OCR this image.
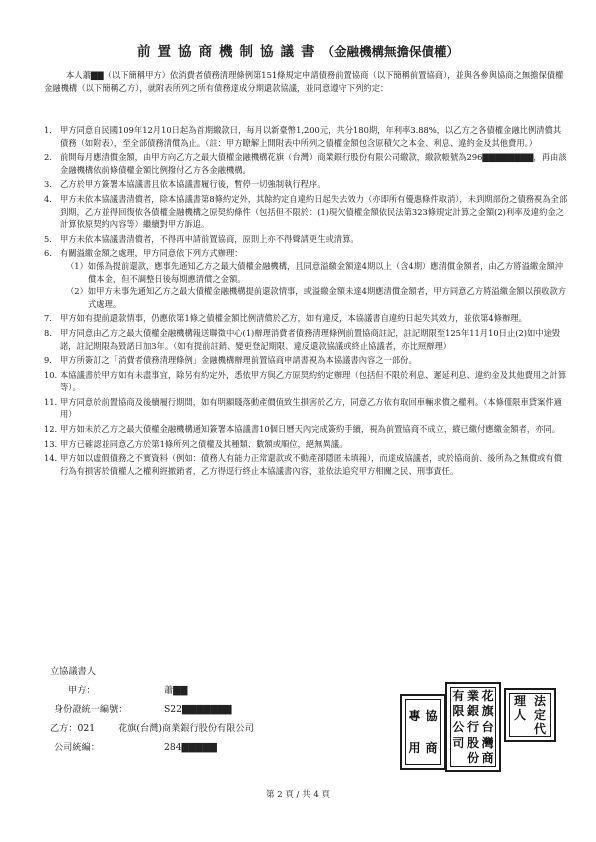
前置協商機制協議書（金融機構無擔保債權）
本人蕭▇▇（以下簡稱甲方）依消費者債務清理條例第151條規定申請債務前置協商（以下簡稱前置協商），並與各參與協商之無擔保債權金融機構（以下簡稱乙方），就附表所列之所有債務達成分期還款協議，並同意遵守下列約定：
1. 甲方同意自民國109年12月10日起為首期繳款日，每月以新臺幣1,200元，共分180期，年利率3.88%，以乙方之各債權金融比例清償其債務（如附表），至全部債務清償為止。（註：甲方瞭解上開附表中所列之債權金額包含原積欠之本金、利息、違約金及其他費用。）
2. 前開每月應清償金額，由甲方向乙方之最大債權金融機構花旗（台灣）商業銀行股份有限公司繳款，繳款帳號為296▇▇▇▇▇▇▇▇，再由該金融機構依前條債權金額比例撥付乙方各金融機構。
3. 乙方於甲方簽署本協議書且依本協議書履行後，暫停一切強制執行程序。
4. 甲方未依本協議書清償者，除本協議書第8條約定外，其餘約定自違約日起失去效力（亦即所有優惠條件取消），未到期部份之債務視為全部到期，乙方並得回復依各債權金融機構之原契約條件（包括但不限於：(1)現欠債權金額依民法第323條規定計算之金額(2)利率及違約金之計算依原契約內容等）繼續對甲方訴追。
5. 甲方未依本協議書清償者，不得再申請前置協商，原則上亦不得聲請更生或清算。
6. 有關溢繳金額之處理，甲方同意依下列方式辦理：
（1）如係為提前還款，應事先通知乙方之最大債權金融機構，且同意溢繳金額達4期以上（含4期）應清償金額者，由乙方將溢繳金額沖償本金，但不調整日後每期應清償之金額。
（2）如甲方未事先通知乙方之最大債權金融機構提前還款情事，或溢繳金額未達4期應清償金額者，甲方同意乙方將溢繳金額以預收款方式處理。
7. 甲方如有提前還款情事，仍應依第1條之債權金額比例清償於乙方，如有違反，本協議書自違約日起失其效力，並依第4條辦理。
8. 甲方同意由乙方之最大債權金融機構報送聯徵中心(1)辦理消費者債務清理條例前置協商註記，註記期限至125年11月10日止(2)如中途毀諾，註記期限為毀諾日加3年。（如有提前註銷、變更登記期限、違反還款協議或終止協議者，亦比照辦理）
9. 甲方所簽訂之「消費者債務清理條例」金融機構辦理前置協商申請書視為本協議書內容之一部份。
10. 本協議書於甲方如有未盡事宜，除另有約定外，悉依甲方與乙方原契約約定辦理（包括但不限於利息、遲延利息、違約金及其他費用之計算等）。
11. 甲方同意於前置協商及後續履行期間，如有明顯賤落動產價值致生損害於乙方，同意乙方依有取回車輛求償之權利。（本條僅限車貸案件適用）
12. 甲方如未於乙方之最大債權金融機構通知簽署本協議書10個日曆天內完成簽約手續，視為前置協商不成立，縱已繳付應繳金額者，亦同。
13. 甲方已確認並同意乙方於第1條所列之債權及其種類、數額或順位，絕無異議。
14. 甲方如以虛假債務之不實資料（例如：債務人有能力正常還款或不動產卻隱匿未填報），而達成協議者，或於協商前、後所為之無償或有償行為有損害於債權人之權利經撤銷者，乙方得逕行終止本協議書內容，並依法追究甲方相關之民、刑事責任。
立協議書人
甲方：	蕭▇▇
身份證統一編號：	S22▇▇▇▇▇▇▇
乙方：021 花旗(台灣)商業銀行股份有限公司
公司統編：	284▇▇▇▇▇
協
商
專
用
花
旗
台
灣
商
業
銀
行
股
份
有
限
公
司
法
定
代
理
人
第 2 頁 / 共 4 頁
